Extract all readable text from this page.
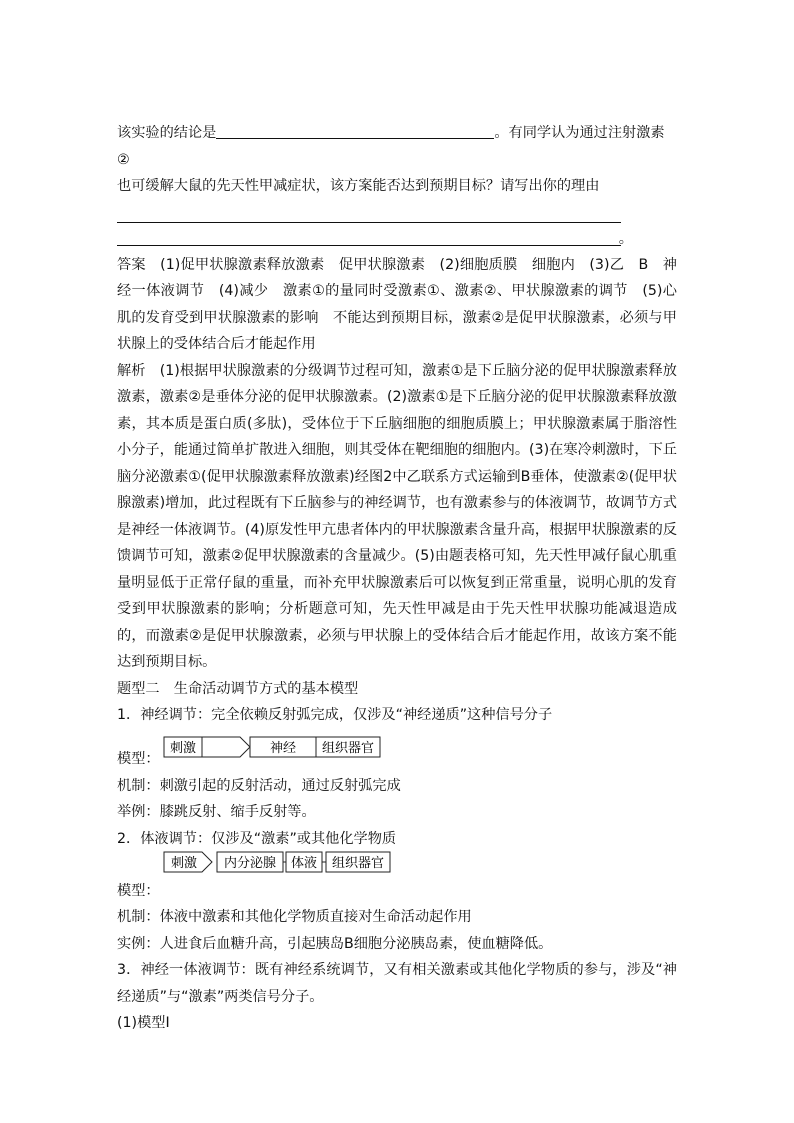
该实验的结论是	。有同学认为通过注射激素②

也可缓解大鼠的先天性甲减症状，该方案能否达到预期目标？请写出你的理由

。

答案　(1)促甲状腺激素释放激素　促甲状腺激素　(2)细胞质膜　细胞内　(3)乙　B　神经一体液调节　(4)减少　激素①的量同时受激素①、激素②、甲状腺激素的调节　(5)心肌的发育受到甲状腺激素的影响　不能达到预期目标，激素②是促甲状腺激素，必须与甲状腺上的受体结合后才能起作用

解析　(1)根据甲状腺激素的分级调节过程可知，激素①是下丘脑分泌的促甲状腺激素释放激素，激素②是垂体分泌的促甲状腺激素。(2)激素①是下丘脑分泌的促甲状腺激素释放激素，其本质是蛋白质(多肽)，受体位于下丘脑细胞的细胞质膜上；甲状腺激素属于脂溶性小分子，能通过简单扩散进入细胞，则其受体在靶细胞的细胞内。(3)在寒冷刺激时，下丘脑分泌激素①(促甲状腺激素释放激素)经图2中乙联系方式运输到B垂体，使激素②(促甲状腺激素)增加，此过程既有下丘脑参与的神经调节，也有激素参与的体液调节，故调节方式是神经一体液调节。(4)原发性甲亢患者体内的甲状腺激素含量升高，根据甲状腺激素的反馈调节可知，激素②促甲状腺激素的含量减少。(5)由题表格可知，先天性甲减仔鼠心肌重量明显低于正常仔鼠的重量，而补充甲状腺激素后可以恢复到正常重量，说明心肌的发育受到甲状腺激素的影响；分析题意可知，先天性甲减是由于先天性甲状腺功能减退造成的，而激素②是促甲状腺激素，必须与甲状腺上的受体结合后才能起作用，故该方案不能达到预期目标。

题型二　生命活动调节方式的基本模型

1．神经调节：完全依赖反射弧完成，仅涉及“神经递质”这种信号分子

模型：
刺激	神经 组织器官

机制：刺激引起的反射活动，通过反射弧完成

举例：膝跳反射、缩手反射等。

2．体液调节：仅涉及“激素”或其他化学物质

模型：
刺激 内分泌腺 体液 组织器官

机制：体液中激素和其他化学物质直接对生命活动起作用

实例：人进食后血糖升高，引起胰岛B细胞分泌胰岛素，使血糖降低。

3．神经一体液调节：既有神经系统调节，又有相关激素或其他化学物质的参与，涉及“神经递质”与“激素”两类信号分子。

(1)模型Ⅰ
